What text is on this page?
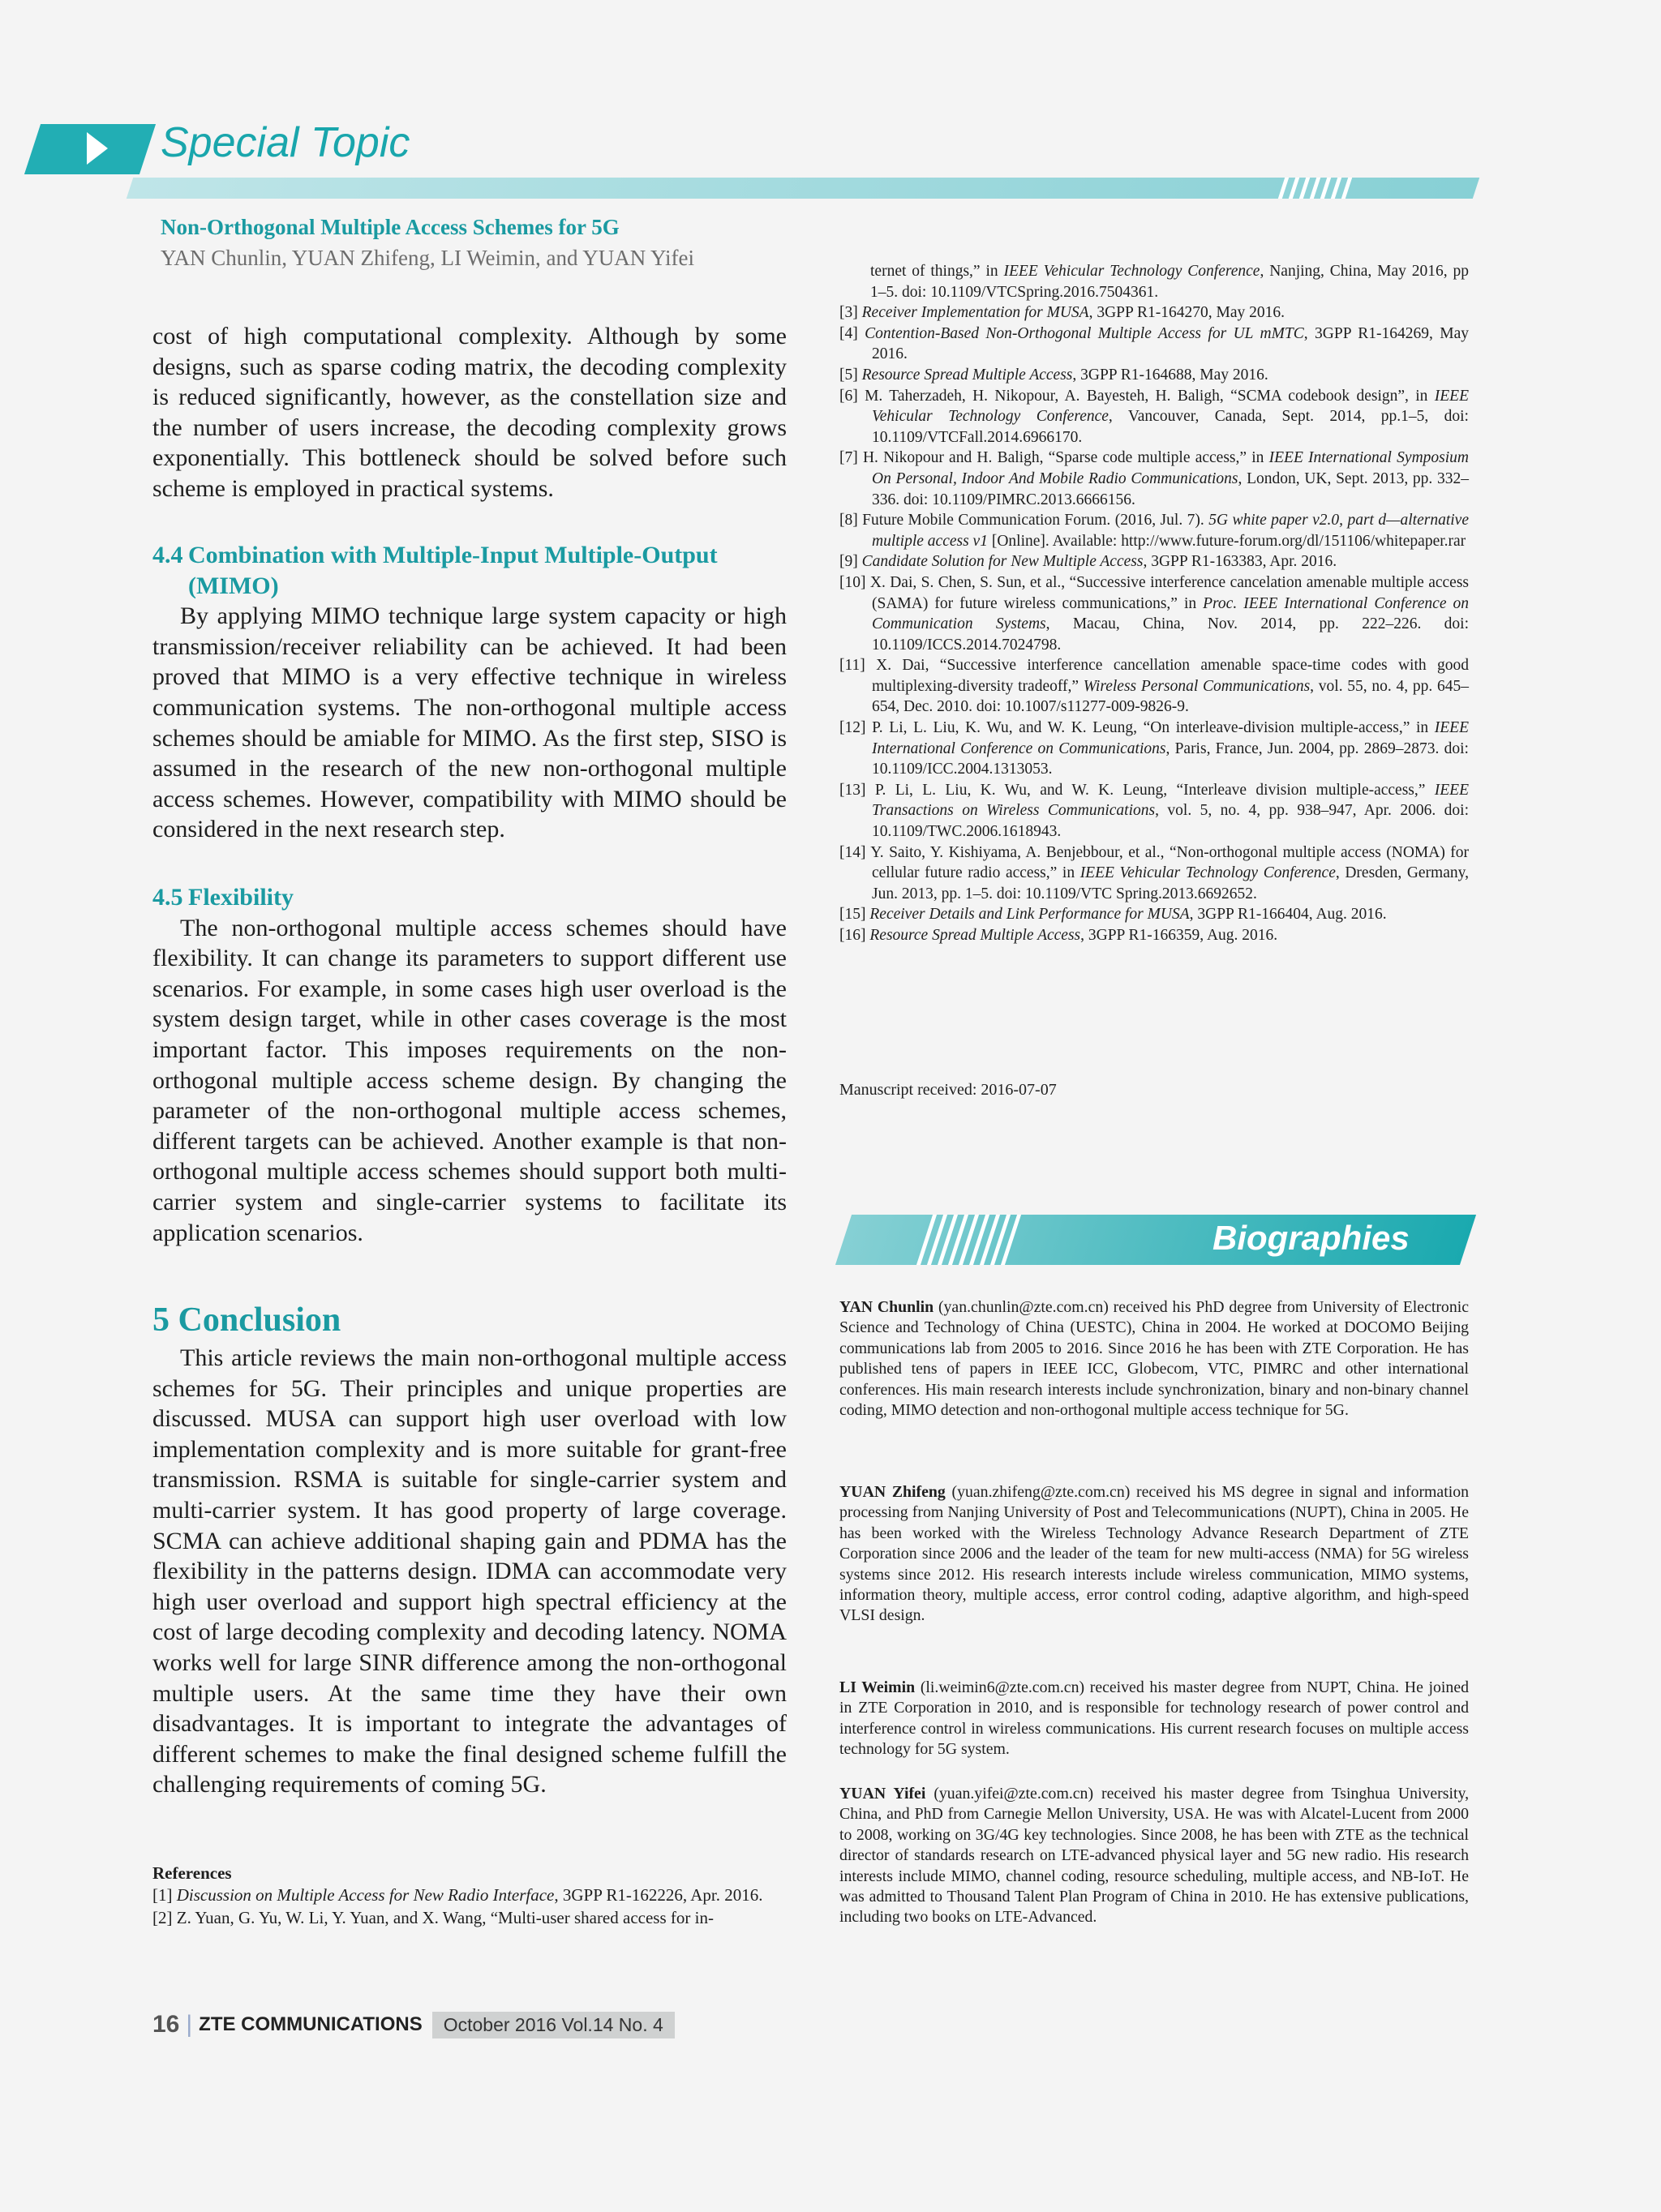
Special Topic
Non-Orthogonal Multiple Access Schemes for 5G
YAN Chunlin, YUAN Zhifeng, LI Weimin, and YUAN Yifei

cost of high computational complexity. Although by some designs, such as sparse coding matrix, the decoding complexity is reduced significantly, however, as the constellation size and the number of users increase, the decoding complexity grows exponentially. This bottleneck should be solved before such scheme is employed in practical systems.

4.4 Combination with Multiple-Input Multiple-Output

(MIMO)

By applying MIMO technique large system capacity or high transmission/receiver reliability can be achieved. It had been proved that MIMO is a very effective technique in wireless communication systems. The non-orthogonal multiple access schemes should be amiable for MIMO. As the first step, SISO is assumed in the research of the new non-orthogonal multiple access schemes. However, compatibility with MIMO should be considered in the next research step.

4.5 Flexibility

The non-orthogonal multiple access schemes should have flexibility. It can change its parameters to support different use scenarios. For example, in some cases high user overload is the system design target, while in other cases coverage is the most important factor. This imposes requirements on the non-orthogonal multiple access scheme design. By changing the parameter of the non-orthogonal multiple access schemes, different targets can be achieved. Another example is that non-orthogonal multiple access schemes should support both multi-carrier system and single-carrier systems to facilitate its application scenarios.

5 Conclusion

This article reviews the main non-orthogonal multiple access schemes for 5G. Their principles and unique properties are discussed. MUSA can support high user overload with low implementation complexity and is more suitable for grant-free transmission. RSMA is suitable for single-carrier system and multi-carrier system. It has good property of large coverage. SCMA can achieve additional shaping gain and PDMA has the flexibility in the patterns design. IDMA can accommodate very high user overload and support high spectral efficiency at the cost of large decoding complexity and decoding latency. NOMA works well for large SINR difference among the non-orthogonal multiple users. At the same time they have their own disadvantages. It is important to integrate the advantages of different schemes to make the final designed scheme fulfill the challenging requirements of coming 5G.

References

[1] Discussion on Multiple Access for New Radio Interface, 3GPP R1-162226, Apr. 2016.

[2] Z. Yuan, G. Yu, W. Li, Y. Yuan, and X. Wang, “Multi-user shared access for in-

ternet of things,” in IEEE Vehicular Technology Conference, Nanjing, China, May 2016, pp 1–5. doi: 10.1109/VTCSpring.2016.7504361.

[3] Receiver Implementation for MUSA, 3GPP R1-164270, May 2016.

[4] Contention-Based Non-Orthogonal Multiple Access for UL mMTC, 3GPP R1-164269, May 2016.

[5] Resource Spread Multiple Access, 3GPP R1-164688, May 2016.

[6] M. Taherzadeh, H. Nikopour, A. Bayesteh, H. Baligh, “SCMA codebook design”, in IEEE Vehicular Technology Conference, Vancouver, Canada, Sept. 2014, pp.1–5, doi: 10.1109/VTCFall.2014.6966170.

[7] H. Nikopour and H. Baligh, “Sparse code multiple access,” in IEEE International Symposium On Personal, Indoor And Mobile Radio Communications, London, UK, Sept. 2013, pp. 332–336. doi: 10.1109/PIMRC.2013.6666156.

[8] Future Mobile Communication Forum. (2016, Jul. 7). 5G white paper v2.0, part d—alternative multiple access v1 [Online]. Available: http://www.future-forum.org/dl/151106/whitepaper.rar

[9] Candidate Solution for New Multiple Access, 3GPP R1-163383, Apr. 2016.

[10] X. Dai, S. Chen, S. Sun, et al., “Successive interference cancelation amenable multiple access (SAMA) for future wireless communications,” in Proc. IEEE International Conference on Communication Systems, Macau, China, Nov. 2014, pp. 222–226. doi: 10.1109/ICCS.2014.7024798.

[11] X. Dai, “Successive interference cancellation amenable space-time codes with good multiplexing-diversity tradeoff,” Wireless Personal Communications, vol. 55, no. 4, pp. 645–654, Dec. 2010. doi: 10.1007/s11277-009-9826-9.

[12] P. Li, L. Liu, K. Wu, and W. K. Leung, “On interleave-division multiple-access,” in IEEE International Conference on Communications, Paris, France, Jun. 2004, pp. 2869–2873. doi: 10.1109/ICC.2004.1313053.

[13] P. Li, L. Liu, K. Wu, and W. K. Leung, “Interleave division multiple-access,” IEEE Transactions on Wireless Communications, vol. 5, no. 4, pp. 938–947, Apr. 2006. doi: 10.1109/TWC.2006.1618943.

[14] Y. Saito, Y. Kishiyama, A. Benjebbour, et al., “Non-orthogonal multiple access (NOMA) for cellular future radio access,” in IEEE Vehicular Technology Conference, Dresden, Germany, Jun. 2013, pp. 1–5. doi: 10.1109/VTC Spring.2013.6692652.

[15] Receiver Details and Link Performance for MUSA, 3GPP R1-166404, Aug. 2016.

[16] Resource Spread Multiple Access, 3GPP R1-166359, Aug. 2016.

Manuscript received: 2016-07-07
Biographies

YAN Chunlin (yan.chunlin@zte.com.cn) received his PhD degree from University of Electronic Science and Technology of China (UESTC), China in 2004. He worked at DOCOMO Beijing communications lab from 2005 to 2016. Since 2016 he has been with ZTE Corporation. He has published tens of papers in IEEE ICC, Globecom, VTC, PIMRC and other international conferences. His main research interests include synchronization, binary and non-binary channel coding, MIMO detection and non-orthogonal multiple access technique for 5G.

YUAN Zhifeng (yuan.zhifeng@zte.com.cn) received his MS degree in signal and information processing from Nanjing University of Post and Telecommunications (NUPT), China in 2005. He has been worked with the Wireless Technology Advance Research Department of ZTE Corporation since 2006 and the leader of the team for new multi-access (NMA) for 5G wireless systems since 2012. His research interests include wireless communication, MIMO systems, information theory, multiple access, error control coding, adaptive algorithm, and high-speed VLSI design.

LI Weimin (li.weimin6@zte.com.cn) received his master degree from NUPT, China. He joined in ZTE Corporation in 2010, and is responsible for technology research of power control and interference control in wireless communications. His current research focuses on multiple access technology for 5G system.

YUAN Yifei (yuan.yifei@zte.com.cn) received his master degree from Tsinghua University, China, and PhD from Carnegie Mellon University, USA. He was with Alcatel-Lucent from 2000 to 2008, working on 3G/4G key technologies. Since 2008, he has been with ZTE as the technical director of standards research on LTE-advanced physical layer and 5G new radio. His research interests include MIMO, channel coding, resource scheduling, multiple access, and NB-IoT. He was admitted to Thousand Talent Plan Program of China in 2010. He has extensive publications, including two books on LTE-Advanced.

16 | ZTE COMMUNICATIONS	October 2016 Vol.14 No. 4
